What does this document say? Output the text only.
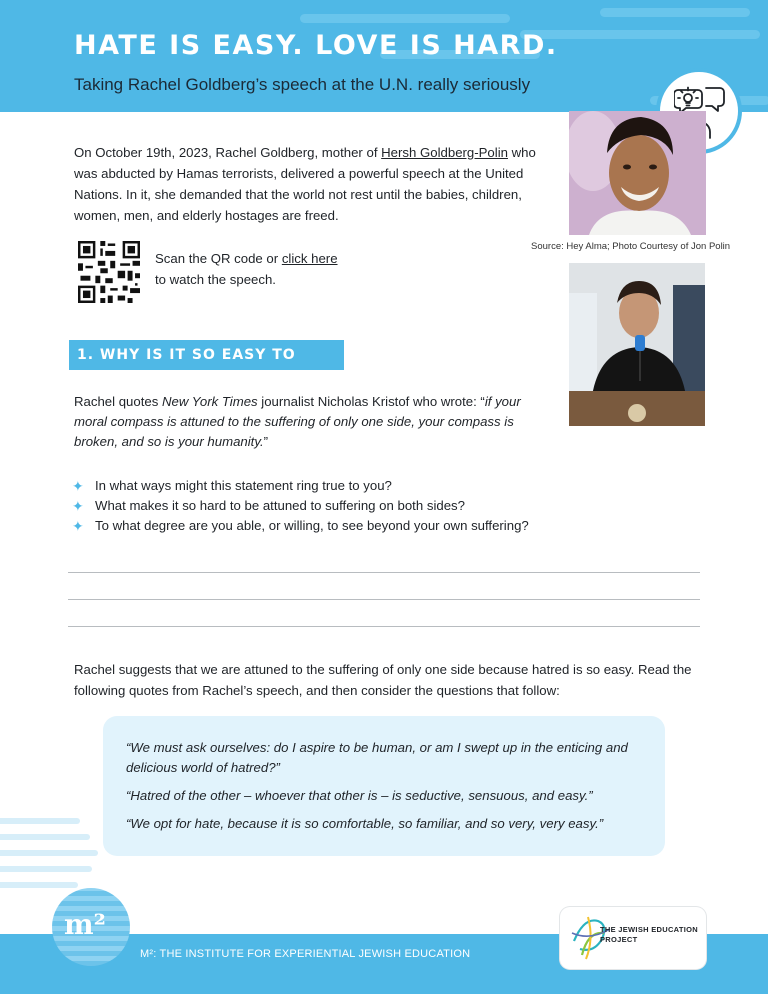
HATE IS EASY. LOVE IS HARD.
Taking Rachel Goldberg’s speech at the U.N. really seriously
Source: Hey Alma; Photo Courtesy of Jon Polin

On October 19th, 2023, Rachel Goldberg, mother of Hersh Goldberg-Polin who was abducted by Hamas terrorists, delivered a powerful speech at the United Nations. In it, she demanded that the world not rest until the babies, children, women, men, and elderly hostages are freed.

Scan the QR code or click here
to watch the speech.
1. WHY IS IT SO EASY TO HATE?

Rachel quotes New York Times journalist Nicholas Kristof who wrote: “if your moral compass is attuned to the suffering of only one side, your compass is broken, and so is your humanity.”

✦ In what ways might this statement ring true to you?
✦ What makes it so hard to be attuned to suffering on both sides?
✦ To what degree are you able, or willing, to see beyond your own suffering?

Rachel suggests that we are attuned to the suffering of only one side because hatred is so easy. Read the following quotes from Rachel’s speech, and then consider the questions that follow:

“We must ask ourselves: do I aspire to be human, or am I swept up in the enticing and delicious world of hatred?”

“Hatred of the other – whoever that other is – is seductive, sensuous, and easy.”

“We opt for hate, because it is so comfortable, so familiar, and so very, very easy.”

M²: THE INSTITUTE FOR EXPERIENTIAL JEWISH EDUCATION
m²	THE JEWISH EDUCATION PROJECT
